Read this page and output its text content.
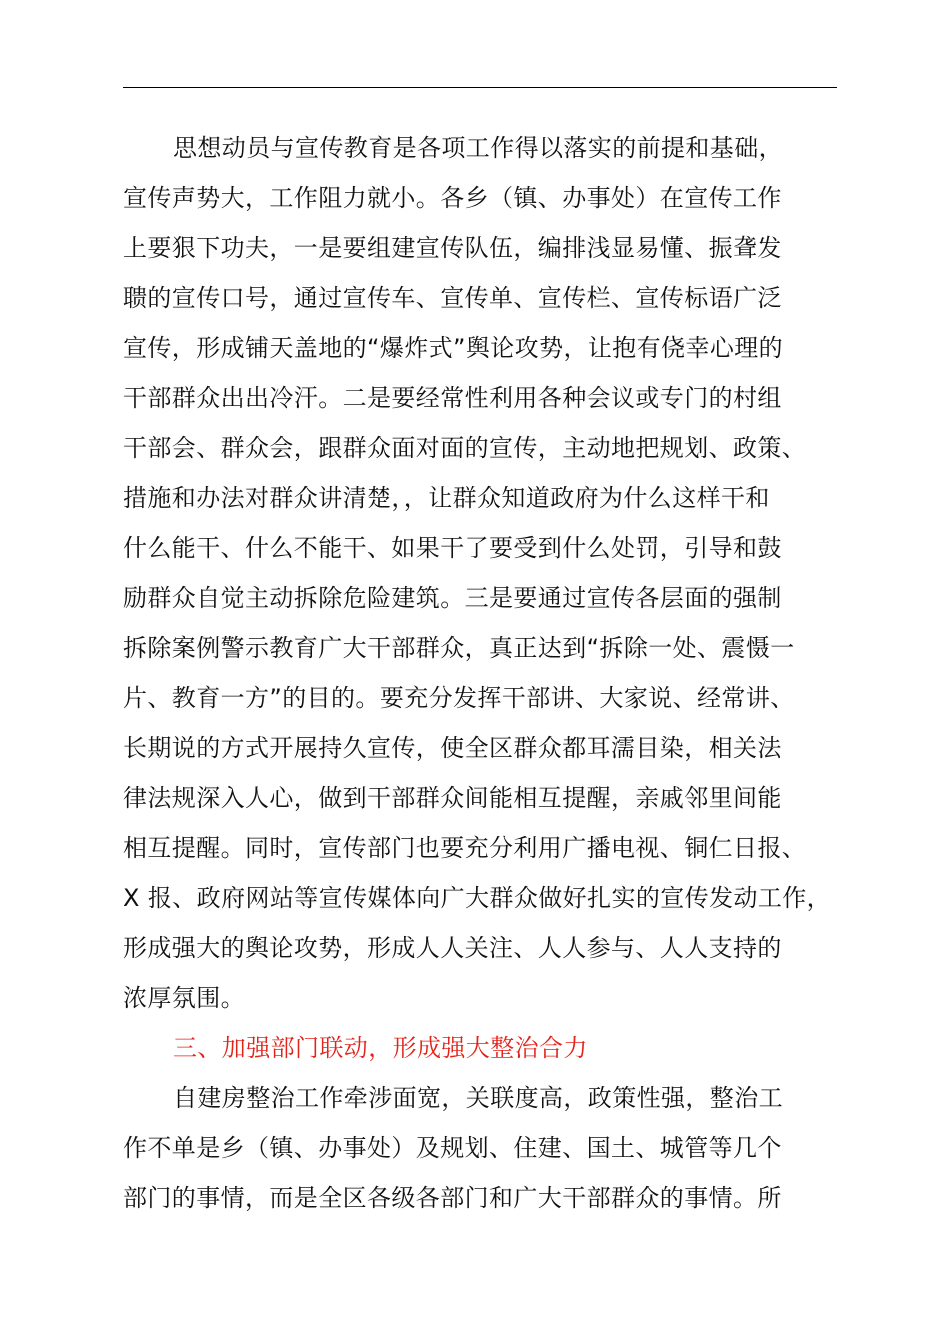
思想动员与宣传教育是各项工作得以落实的前提和基础，
宣传声势大，工作阻力就小。各乡（镇、办事处）在宣传工作
上要狠下功夫，一是要组建宣传队伍，编排浅显易懂、振聋发
聩的宣传口号，通过宣传车、宣传单、宣传栏、宣传标语广泛
宣传，形成铺天盖地的“爆炸式”舆论攻势，让抱有侥幸心理的
干部群众出出冷汗。二是要经常性利用各种会议或专门的村组
干部会、群众会，跟群众面对面的宣传，主动地把规划、政策、
措施和办法对群众讲清楚，，让群众知道政府为什么这样干和
什么能干、什么不能干、如果干了要受到什么处罚，引导和鼓
励群众自觉主动拆除危险建筑。三是要通过宣传各层面的强制
拆除案例警示教育广大干部群众，真正达到“拆除一处、震慑一
片、教育一方”的目的。要充分发挥干部讲、大家说、经常讲、
长期说的方式开展持久宣传，使全区群众都耳濡目染，相关法
律法规深入人心，做到干部群众间能相互提醒，亲戚邻里间能
相互提醒。同时，宣传部门也要充分利用广播电视、铜仁日报、
X 报、政府网站等宣传媒体向广大群众做好扎实的宣传发动工作，
形成强大的舆论攻势，形成人人关注、人人参与、人人支持的
浓厚氛围。
三、加强部门联动，形成强大整治合力
自建房整治工作牵涉面宽，关联度高，政策性强，整治工
作不单是乡（镇、办事处）及规划、住建、国土、城管等几个
部门的事情，而是全区各级各部门和广大干部群众的事情。所
